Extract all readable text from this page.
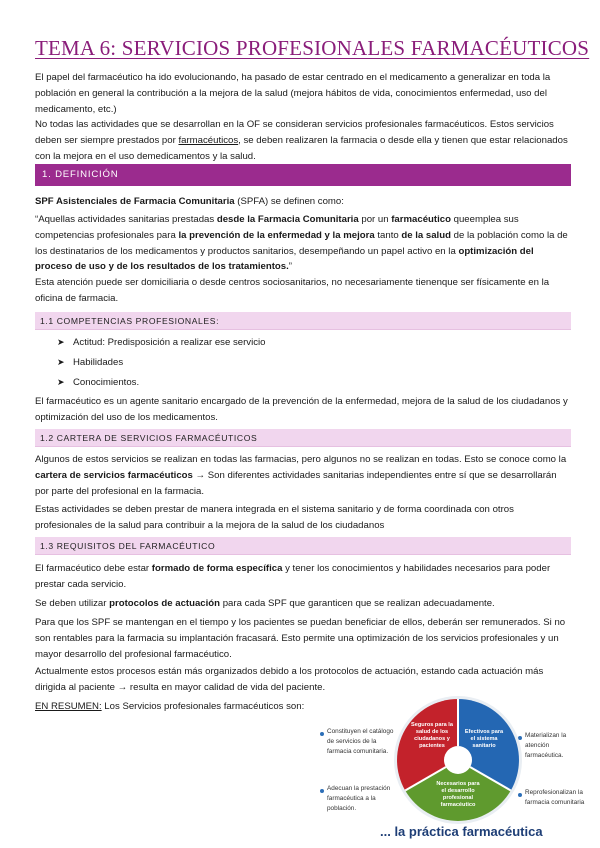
TEMA 6: SERVICIOS PROFESIONALES FARMACÉUTICOS
El papel del farmacéutico ha ido evolucionando, ha pasado de estar centrado en el medicamento a generalizar en toda la población en general la contribución a la mejora de la salud (mejora hábitos de vida, conocimientos enfermedad, uso del medicamento, etc.)
No todas las actividades que se desarrollan en la OF se consideran servicios profesionales farmacéuticos. Estos servicios deben ser siempre prestados por farmacéuticos, se deben realizaren la farmacia o desde ella y tienen que estar relacionados con la mejora en el uso demedicamentos y la salud.
1. DEFINICIÓN
SPF Asistenciales de Farmacia Comunitaria (SPFA) se definen como:
“Aquellas actividades sanitarias prestadas desde la Farmacia Comunitaria por un farmacéutico queemplea sus competencias profesionales para la prevención de la enfermedad y la mejora tanto de la salud de la población como la de los destinatarios de los medicamentos y productos sanitarios, desempeñando un papel activo en la optimización del proceso de uso y de los resultados de los tratamientos.”
Esta atención puede ser domiciliaria o desde centros sociosanitarios, no necesariamente tienenque ser físicamente en la oficina de farmacia.
1.1 COMPETENCIAS PROFESIONALES:
➤ Actitud: Predisposición a realizar ese servicio
➤ Habilidades
➤ Conocimientos.
El farmacéutico es un agente sanitario encargado de la prevención de la enfermedad, mejora de la salud de los ciudadanos y optimización del uso de los medicamentos.
1.2 CARTERA DE SERVICIOS FARMACÉUTICOS
Algunos de estos servicios se realizan en todas las farmacias, pero algunos no se realizan en todas. Esto se conoce como la cartera de servicios farmacéuticos → Son diferentes actividades sanitarias independientes entre sí que se desarrollarán por parte del profesional en la farmacia.
Estas actividades se deben prestar de manera integrada en el sistema sanitario y de forma coordinada con otros profesionales de la salud para contribuir a la mejora de la salud de los ciudadanos
1.3 REQUISITOS DEL FARMACÉUTICO
El farmacéutico debe estar formado de forma específica y tener los conocimientos y habilidades necesarios para poder prestar cada servicio.
Se deben utilizar protocolos de actuación para cada SPF que garanticen que se realizan adecuadamente.
Para que los SPF se mantengan en el tiempo y los pacientes se puedan beneficiar de ellos, deberán ser remunerados. Si no son rentables para la farmacia su implantación fracasará. Esto permite una optimización de los servicios profesionales y un mayor desarrollo del profesional farmacéutico.
Actualmente estos procesos están más organizados debido a los protocolos de actuación, estando cada actuación más dirigida al paciente → resulta en mayor calidad de vida del paciente.
EN RESUMEN: Los Servicios profesionales farmacéuticos son:
Constituyen el catálogo de servicios de la farmacia comunitaria.
Adecuan la prestación farmacéutica a la población.
Materializan la atención farmacéutica.
Reprofesionalizan la farmacia comunitaria
Seguros para la salud de los ciudadanos y pacientes
Efectivos para el sistema sanitario
Necesarios para el desarrollo profesional farmacéutico
... la práctica farmacéutica
